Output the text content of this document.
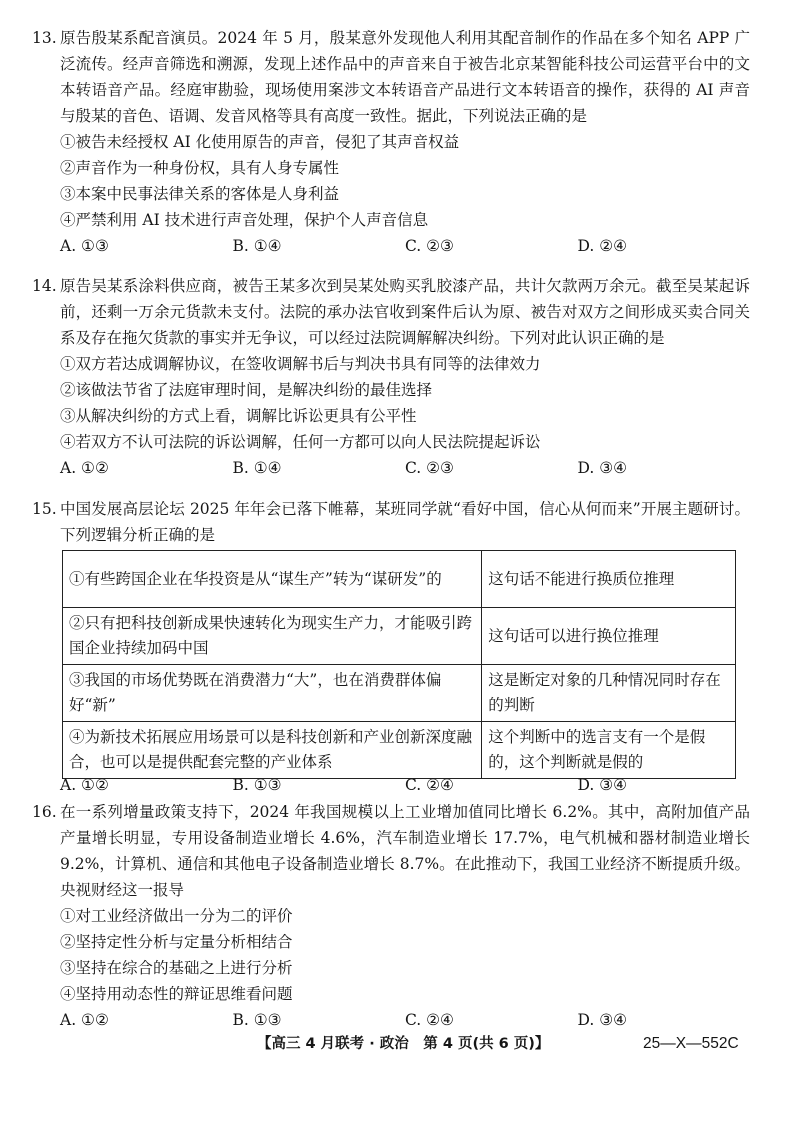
13. 原告殷某系配音演员。2024 年 5 月，殷某意外发现他人利用其配音制作的作品在多个知名 APP 广泛流传。经声音筛选和溯源，发现上述作品中的声音来自于被告北京某智能科技公司运营平台中的文本转语音产品。经庭审勘验，现场使用案涉文本转语音产品进行文本转语音的操作，获得的 AI 声音与殷某的音色、语调、发音风格等具有高度一致性。据此，下列说法正确的是

①被告未经授权 AI 化使用原告的声音，侵犯了其声音权益

②声音作为一种身份权，具有人身专属性

③本案中民事法律关系的客体是人身利益

④严禁利用 AI 技术进行声音处理，保护个人声音信息

A. ①③	B. ①④	C. ②③	D. ②④
14. 原告吴某系涂料供应商，被告王某多次到吴某处购买乳胶漆产品，共计欠款两万余元。截至吴某起诉前，还剩一万余元货款未支付。法院的承办法官收到案件后认为原、被告对双方之间形成买卖合同关系及存在拖欠货款的事实并无争议，可以经过法院调解解决纠纷。下列对此认识正确的是

①双方若达成调解协议，在签收调解书后与判决书具有同等的法律效力

②该做法节省了法庭审理时间，是解决纠纷的最佳选择

③从解决纠纷的方式上看，调解比诉讼更具有公平性

④若双方不认可法院的诉讼调解，任何一方都可以向人民法院提起诉讼

A. ①②	B. ①④	C. ②③	D. ③④
15. 中国发展高层论坛 2025 年年会已落下帷幕，某班同学就“看好中国，信心从何而来”开展主题研讨。下列逻辑分析正确的是

①有些跨国企业在华投资是从“谋生产”转为“谋研发”的	这句话不能进行换质位推理
②只有把科技创新成果快速转化为现实生产力，才能吸引跨国企业持续加码中国	这句话可以进行换位推理
③我国的市场优势既在消费潜力“大”，也在消费群体偏好“新”	这是断定对象的几种情况同时存在的判断
④为新技术拓展应用场景可以是科技创新和产业创新深度融合，也可以是提供配套完整的产业体系	这个判断中的选言支有一个是假的，这个判断就是假的
A. ①②	B. ①③	C. ②④	D. ③④
16. 在一系列增量政策支持下，2024 年我国规模以上工业增加值同比增长 6.2%。其中，高附加值产品产量增长明显，专用设备制造业增长 4.6%，汽车制造业增长 17.7%，电气机械和器材制造业增长 9.2%，计算机、通信和其他电子设备制造业增长 8.7%。在此推动下，我国工业经济不断提质升级。央视财经这一报导

①对工业经济做出一分为二的评价

②坚持定性分析与定量分析相结合

③坚持在综合的基础之上进行分析

④坚持用动态性的辩证思维看问题

A. ①②	B. ①③	C. ②④	D. ③④
【高三 4 月联考 · 政治　第 4 页(共 6 页)】	25—X—552C
